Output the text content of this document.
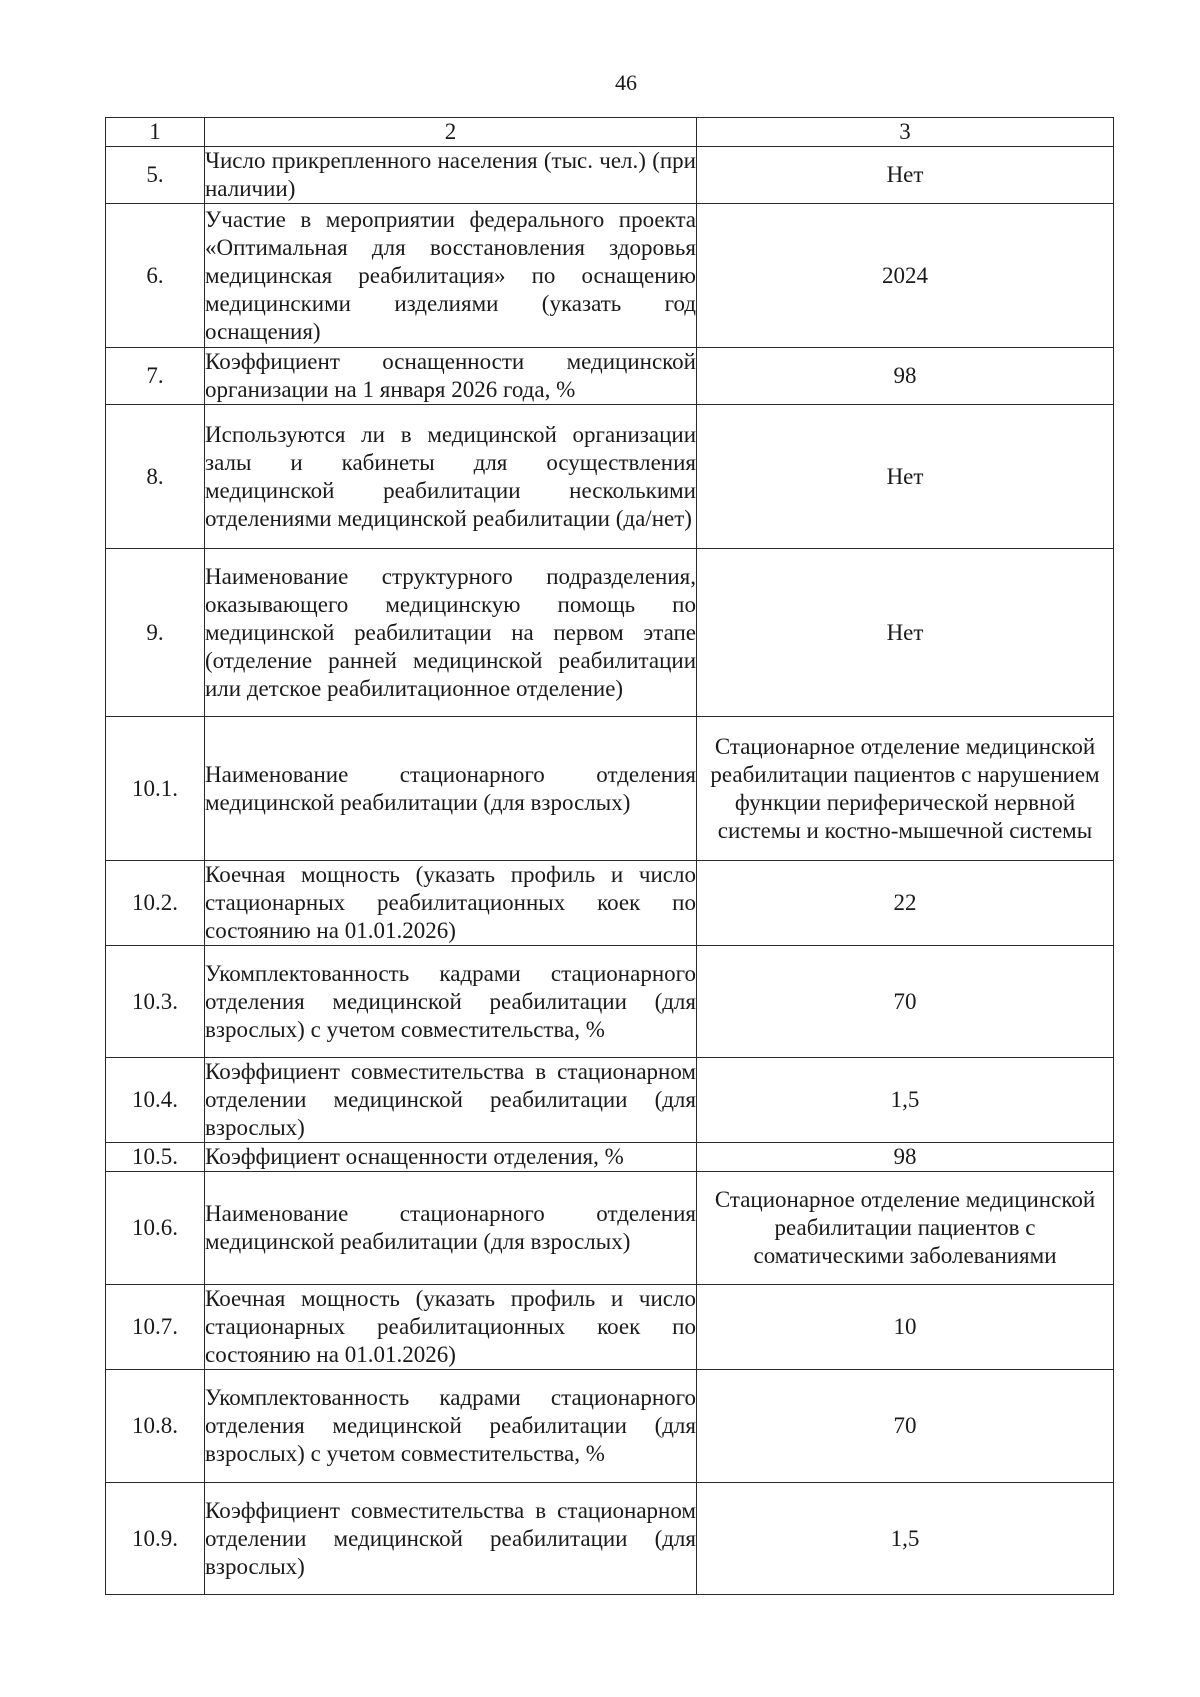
46
1	2	3
5.	Число прикрепленного населения (тыс. чел.) (при наличии)	Нет
6.	Участие в мероприятии федерального проекта «Оптимальная для восстановления здоровья медицинская реабилитация» по оснащению медицинскими изделиями (указать год оснащения)	2024
7.	Коэффициент оснащенности медицинской организации на 1 января 2026 года, %	98
8.	Используются ли в медицинской организации залы и кабинеты для осуществления медицинской реабилитации несколькими отделениями медицинской реабилитации (да/нет)	Нет
9.	Наименование структурного подразделения, оказывающего медицинскую помощь по медицинской реабилитации на первом этапе (отделение ранней медицинской реабилитации или детское реабилитационное отделение)	Нет
10.1.	Наименование стационарного отделения медицинской реабилитации (для взрослых)	Стационарное отделение медицинской реабилитации пациентов с нарушением функции периферической нервной системы и костно-мышечной системы
10.2.	Коечная мощность (указать профиль и число стационарных реабилитационных коек по состоянию на 01.01.2026)	22
10.3.	Укомплектованность кадрами стационарного отделения медицинской реабилитации (для взрослых) с учетом совместительства, %	70
10.4.	Коэффициент совместительства в стационарном отделении медицинской реабилитации (для взрослых)	1,5
10.5.	Коэффициент оснащенности отделения, %	98
10.6.	Наименование стационарного отделения медицинской реабилитации (для взрослых)	Стационарное отделение медицинской реабилитации пациентов с соматическими заболеваниями
10.7.	Коечная мощность (указать профиль и число стационарных реабилитационных коек по состоянию на 01.01.2026)	10
10.8.	Укомплектованность кадрами стационарного отделения медицинской реабилитации (для взрослых) с учетом совместительства, %	70
10.9.	Коэффициент совместительства в стационарном отделении медицинской реабилитации (для взрослых)	1,5
